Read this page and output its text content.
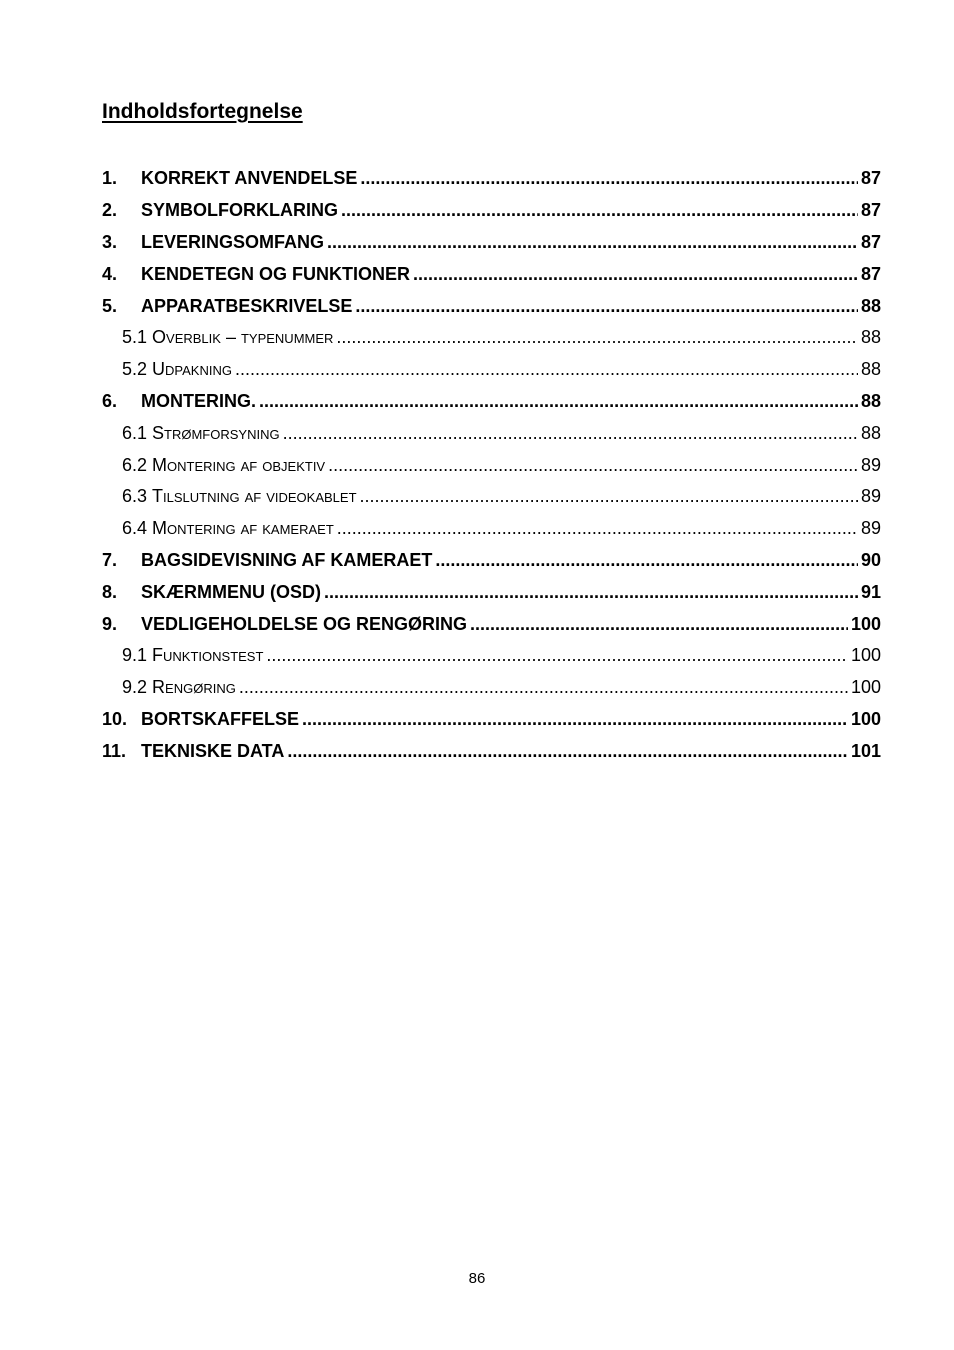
Indholdsfortegnelse
1.	KORREKT ANVENDELSE .....	87
2.	SYMBOLFORKLARING .....	87
3.	LEVERINGSOMFANG .....	87
4.	KENDETEGN OG FUNKTIONER .....	87
5.	APPARATBESKRIVELSE .....	88
5.1 Overblik – typenummer .....	88
5.2 Udpakning .....	88
6.	MONTERING. .....	88
6.1 Strømforsyning .....	88
6.2 Montering af objektiv .....	89
6.3 Tilslutning af videokablet .....	89
6.4 Montering af kameraet .....	89
7.	BAGSIDEVISNING AF KAMERAET .....	90
8.	SKÆRMMENU (OSD) .....	91
9.	VEDLIGEHOLDELSE OG RENGØRING .....	100
9.1 Funktionstest .....	100
9.2 Rengøring .....	100
10. BORTSKAFFELSE .....	100
11. TEKNISKE DATA .....	101
86
